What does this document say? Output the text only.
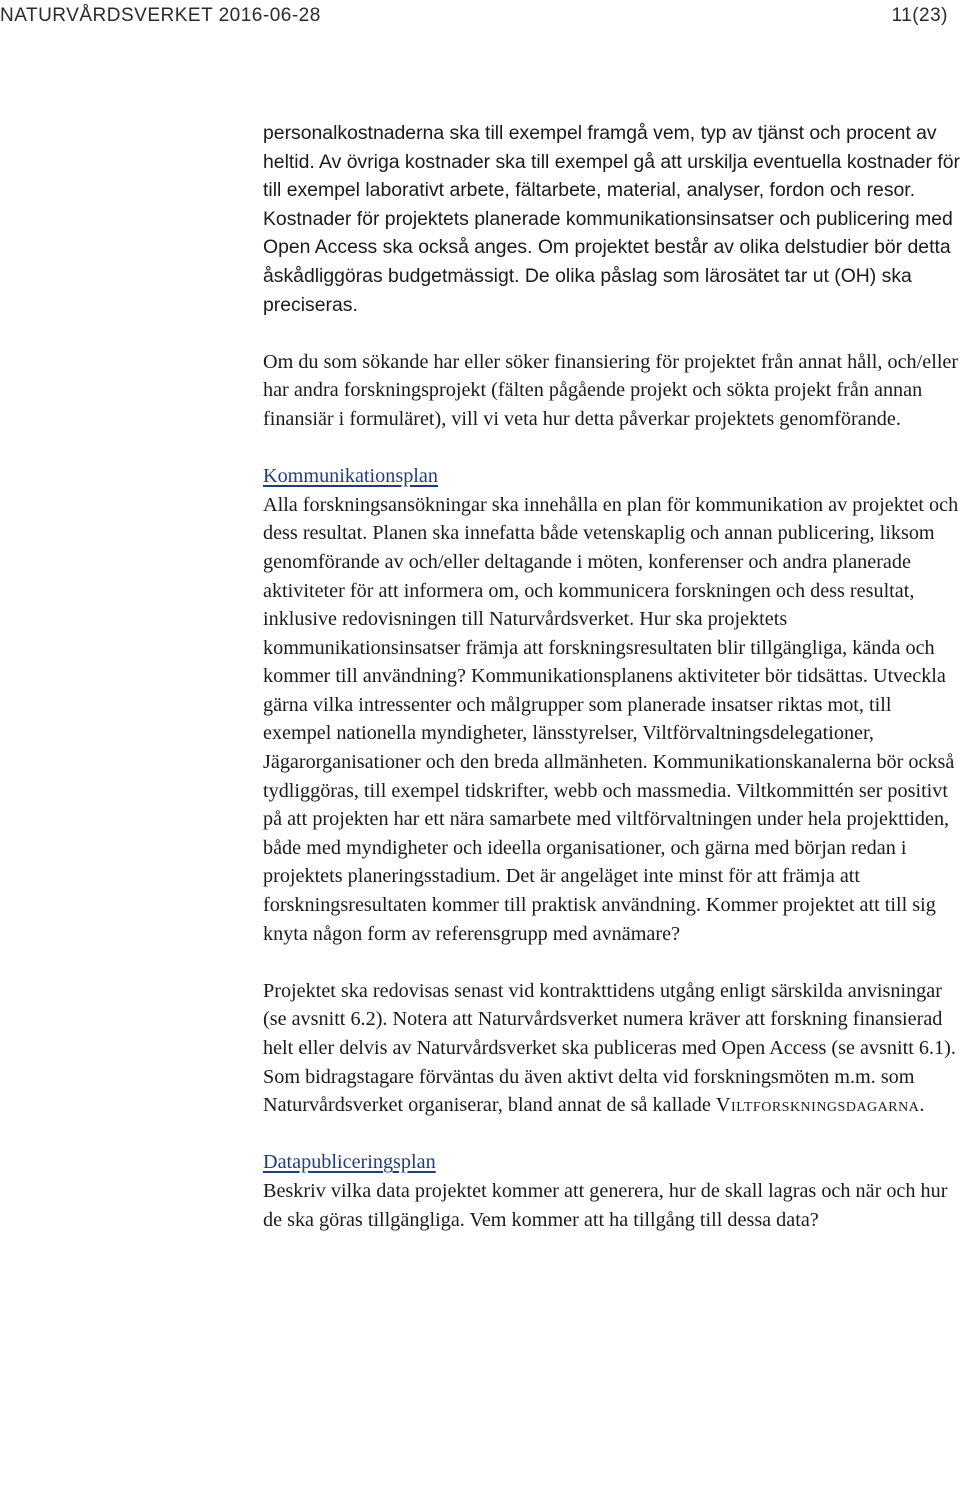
NATURVÅRDSVERKET 2016-06-28	11(23)

personalkostnaderna ska till exempel framgå vem, typ av tjänst och procent av heltid. Av övriga kostnader ska till exempel gå att urskilja eventuella kostnader för till exempel laborativt arbete, fältarbete, material, analyser, fordon och resor. Kostnader för projektets planerade kommunikationsinsatser och publicering med Open Access ska också anges. Om projektet består av olika delstudier bör detta åskådliggöras budgetmässigt. De olika påslag som lärosätet tar ut (OH) ska preciseras.

Om du som sökande har eller söker finansiering för projektet från annat håll, och/eller har andra forskningsprojekt (fälten pågående projekt och sökta projekt från annan finansiär i formuläret), vill vi veta hur detta påverkar projektets genomförande.

Kommunikationsplan

Alla forskningsansökningar ska innehålla en plan för kommunikation av projektet och dess resultat. Planen ska innefatta både vetenskaplig och annan publicering, liksom genomförande av och/eller deltagande i möten, konferenser och andra planerade aktiviteter för att informera om, och kommunicera forskningen och dess resultat, inklusive redovisningen till Naturvårdsverket. Hur ska projektets kommunikationsinsatser främja att forskningsresultaten blir tillgängliga, kända och kommer till användning? Kommunikationsplanens aktiviteter bör tidsättas. Utveckla gärna vilka intressenter och målgrupper som planerade insatser riktas mot, till exempel nationella myndigheter, länsstyrelser, Viltförvaltningsdelegationer, Jägarorganisationer och den breda allmänheten. Kommunikationskanalerna bör också tydliggöras, till exempel tidskrifter, webb och massmedia. Viltkommittén ser positivt på att projekten har ett nära samarbete med viltförvaltningen under hela projekttiden, både med myndigheter och ideella organisationer, och gärna med början redan i projektets planeringsstadium. Det är angeläget inte minst för att främja att forskningsresultaten kommer till praktisk användning. Kommer projektet att till sig knyta någon form av referensgrupp med avnämare?

Projektet ska redovisas senast vid kontrakttidens utgång enligt särskilda anvisningar (se avsnitt 6.2). Notera att Naturvårdsverket numera kräver att forskning finansierad helt eller delvis av Naturvårdsverket ska publiceras med Open Access (se avsnitt 6.1). Som bidragstagare förväntas du även aktivt delta vid forskningsmöten m.m. som Naturvårdsverket organiserar, bland annat de så kallade Viltforskningsdagarna.

Datapubliceringsplan

Beskriv vilka data projektet kommer att generera, hur de skall lagras och när och hur de ska göras tillgängliga. Vem kommer att ha tillgång till dessa data?
